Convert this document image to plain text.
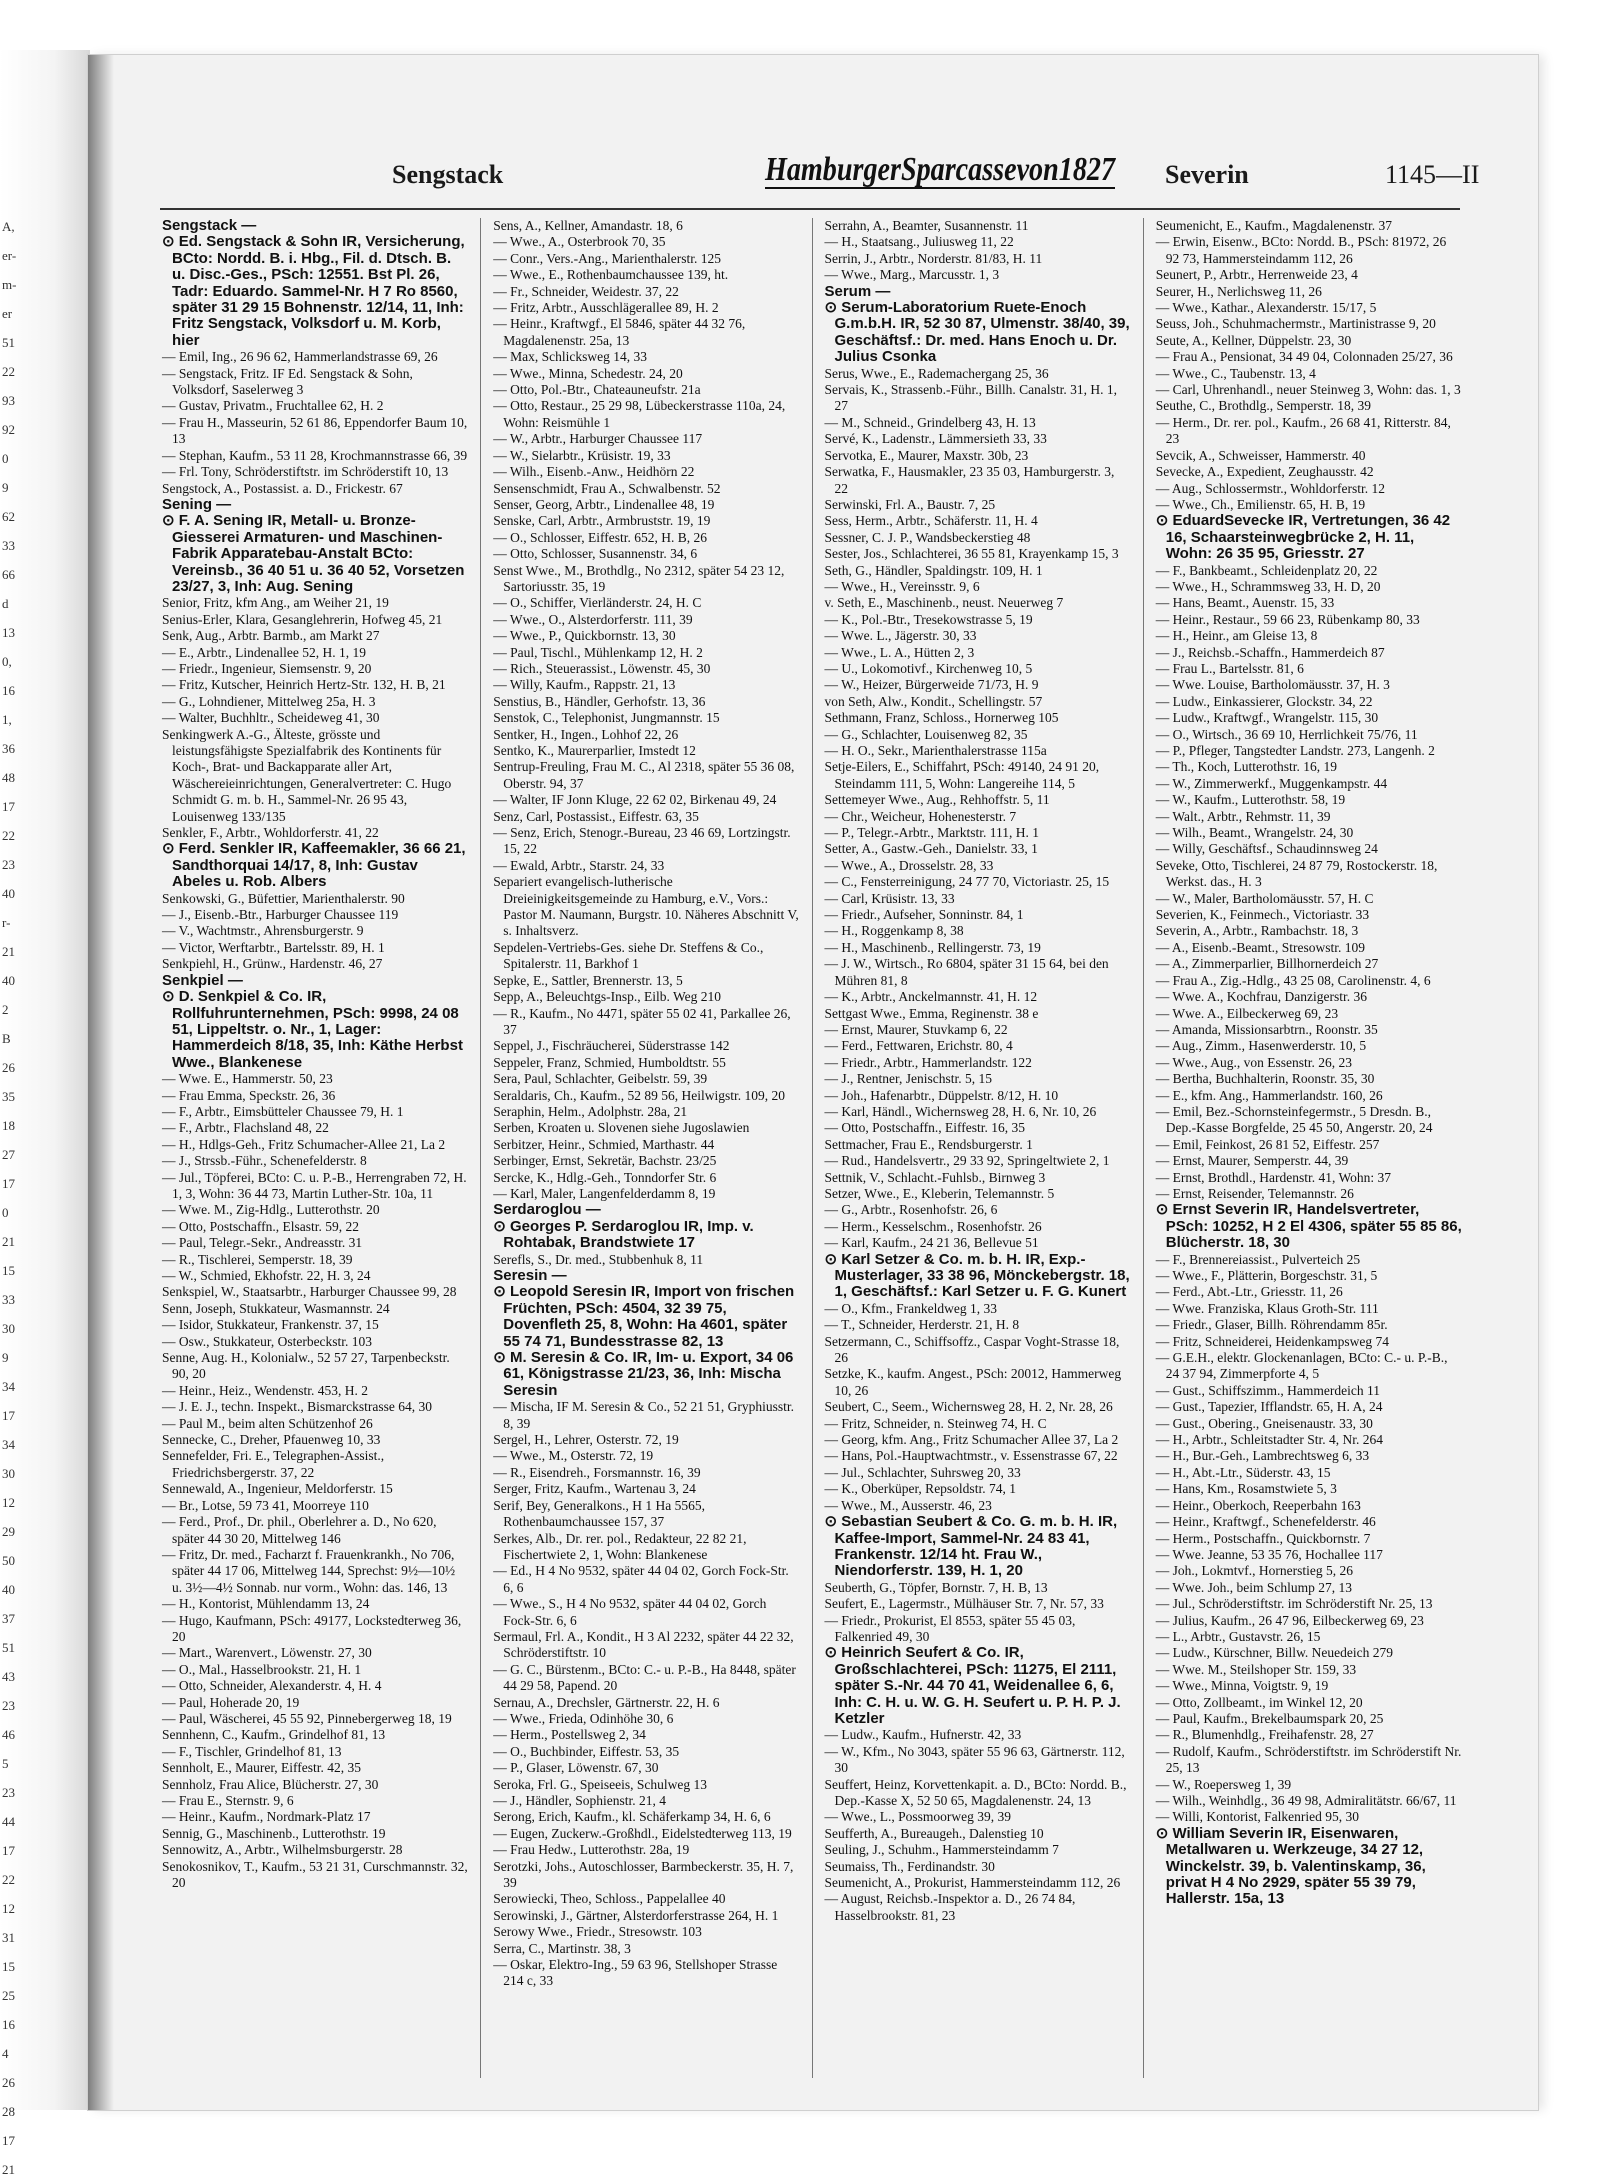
A,
er-
m-
er
51
22
93
92
0
9
62
33
66
d
13
0,
16
1,
36
48
17
22
23
40
r-
21
40
2
B
26
35
18
27
17
0
21
15
33
30
9
34
17
34
30
12
29
50
40
37
51
43
23
46
5
23
44
17
22
12
31
15
25
16
4
26
28
17
21
Sengstack	HamburgerSparcassevon1827 Severin	1145—II

Sengstack —

⊙ Ed. Sengstack & Sohn IR, Versicherung, BCto: Nordd. B. i. Hbg., Fil. d. Dtsch. B. u. Disc.-Ges., PSch: 12551. Bst Pl. 26, Tadr: Eduardo. Sammel-Nr. H 7 Ro 8560, später 31 29 15 Bohnenstr. 12/14, 11, Inh: Fritz Sengstack, Volksdorf u. M. Korb, hier

— Emil, Ing., 26 96 62, Hammerlandstrasse 69, 26

— Sengstack, Fritz. IF Ed. Sengstack & Sohn, Volksdorf, Saselerweg 3

— Gustav, Privatm., Fruchtallee 62, H. 2

— Frau H., Masseurin, 52 61 86, Eppendorfer Baum 10, 13

— Stephan, Kaufm., 53 11 28, Krochmannstrasse 66, 39

— Frl. Tony, Schröderstiftstr. im Schröderstift 10, 13

Sengstock, A., Postassist. a. D., Frickestr. 67

Sening —

⊙ F. A. Sening IR, Metall- u. Bronze-Giesserei Armaturen- und Maschinen-Fabrik Apparatebau-Anstalt BCto: Vereinsb., 36 40 51 u. 36 40 52, Vorsetzen 23/27, 3, Inh: Aug. Sening

Senior, Fritz, kfm Ang., am Weiher 21, 19

Senius-Erler, Klara, Gesanglehrerin, Hofweg 45, 21

Senk, Aug., Arbtr. Barmb., am Markt 27

— E., Arbtr., Lindenallee 52, H. 1, 19

— Friedr., Ingenieur, Siemsenstr. 9, 20

— Fritz, Kutscher, Heinrich Hertz-Str. 132, H. B, 21

— G., Lohndiener, Mittelweg 25a, H. 3

— Walter, Buchhltr., Scheideweg 41, 30

Senkingwerk A.-G., Älteste, grösste und leistungsfähigste Spezialfabrik des Kontinents für Koch-, Brat- und Backapparate aller Art, Wäschereieinrichtungen, Generalvertreter: C. Hugo Schmidt G. m. b. H., Sammel-Nr. 26 95 43, Louisenweg 133/135

Senkler, F., Arbtr., Wohldorferstr. 41, 22

⊙ Ferd. Senkler IR, Kaffeemakler, 36 66 21, Sandthorquai 14/17, 8, Inh: Gustav Abeles u. Rob. Albers

Senkowski, G., Büfettier, Marienthalerstr. 90

— J., Eisenb.-Btr., Harburger Chaussee 119

— V., Wachtmstr., Ahrensburgerstr. 9

— Victor, Werftarbtr., Bartelsstr. 89, H. 1

Senkpiehl, H., Grünw., Hardenstr. 46, 27

Senkpiel —

⊙ D. Senkpiel & Co. IR, Rollfuhrunternehmen, PSch: 9998, 24 08 51, Lippeltstr. o. Nr., 1, Lager: Hammerdeich 8/18, 35, Inh: Käthe Herbst Wwe., Blankenese

— Wwe. E., Hammerstr. 50, 23

— Frau Emma, Speckstr. 26, 36

— F., Arbtr., Eimsbütteler Chaussee 79, H. 1

— F., Arbtr., Flachsland 48, 22

— H., Hdlgs-Geh., Fritz Schumacher-Allee 21, La 2

— J., Strssb.-Führ., Schenefelderstr. 8

— Jul., Töpferei, BCto: C. u. P.-B., Herrengraben 72, H. 1, 3, Wohn: 36 44 73, Martin Luther-Str. 10a, 11

— Wwe. M., Zig-Hdlg., Lutterothstr. 20

— Otto, Postschaffn., Elsastr. 59, 22

— Paul, Telegr.-Sekr., Andreasstr. 31

— R., Tischlerei, Semperstr. 18, 39

— W., Schmied, Ekhofstr. 22, H. 3, 24

Senkspiel, W., Staatsarbtr., Harburger Chaussee 99, 28

Senn, Joseph, Stukkateur, Wasmannstr. 24

— Isidor, Stukkateur, Frankenstr. 37, 15

— Osw., Stukkateur, Osterbeckstr. 103

Senne, Aug. H., Kolonialw., 52 57 27, Tarpenbeckstr. 90, 20

— Heinr., Heiz., Wendenstr. 453, H. 2

— J. E. J., techn. Inspekt., Bismarckstrasse 64, 30

— Paul M., beim alten Schützenhof 26

Sennecke, C., Dreher, Pfauenweg 10, 33

Sennefelder, Fri. E., Telegraphen-Assist., Friedrichsbergerstr. 37, 22

Sennewald, A., Ingenieur, Meldorferstr. 15

— Br., Lotse, 59 73 41, Moorreye 110

— Ferd., Prof., Dr. phil., Oberlehrer a. D., No 620, später 44 30 20, Mittelweg 146

— Fritz, Dr. med., Facharzt f. Frauenkrankh., No 706, später 44 17 06, Mittelweg 144, Sprechst: 9½—10½ u. 3½—4½ Sonnab. nur vorm., Wohn: das. 146, 13

— H., Kontorist, Mühlendamm 13, 24

— Hugo, Kaufmann, PSch: 49177, Lockstedterweg 36, 20

— Mart., Warenvert., Löwenstr. 27, 30

— O., Mal., Hasselbrookstr. 21, H. 1

— Otto, Schneider, Alexanderstr. 4, H. 4

— Paul, Hoherade 20, 19

— Paul, Wäscherei, 45 55 92, Pinnebergerweg 18, 19

Sennhenn, C., Kaufm., Grindelhof 81, 13

— F., Tischler, Grindelhof 81, 13

Sennholt, E., Maurer, Eiffestr. 42, 35

Sennholz, Frau Alice, Blücherstr. 27, 30

— Frau E., Sternstr. 9, 6

— Heinr., Kaufm., Nordmark-Platz 17

Sennig, G., Maschinenb., Lutterothstr. 19

Sennowitz, A., Arbtr., Wilhelmsburgerstr. 28

Senokosnikov, T., Kaufm., 53 21 31, Curschmannstr. 32, 20

Sens, A., Kellner, Amandastr. 18, 6

— Wwe., A., Osterbrook 70, 35

— Conr., Vers.-Ang., Marienthalerstr. 125

— Wwe., E., Rothenbaumchaussee 139, ht.

— Fr., Schneider, Weidestr. 37, 22

— Fritz, Arbtr., Ausschlägerallee 89, H. 2

— Heinr., Kraftwgf., El 5846, später 44 32 76, Magdalenenstr. 25a, 13

— Max, Schlicksweg 14, 33

— Wwe., Minna, Schedestr. 24, 20

— Otto, Pol.-Btr., Chateauneufstr. 21a

— Otto, Restaur., 25 29 98, Lübeckerstrasse 110a, 24, Wohn: Reismühle 1

— W., Arbtr., Harburger Chaussee 117

— W., Sielarbtr., Krüsistr. 19, 33

— Wilh., Eisenb.-Anw., Heidhörn 22

Sensenschmidt, Frau A., Schwalbenstr. 52

Senser, Georg, Arbtr., Lindenallee 48, 19

Senske, Carl, Arbtr., Armbruststr. 19, 19

— O., Schlosser, Eiffestr. 652, H. B, 26

— Otto, Schlosser, Susannenstr. 34, 6

Senst Wwe., M., Brothdlg., No 2312, später 54 23 12, Sartoriusstr. 35, 19

— O., Schiffer, Vierländerstr. 24, H. C

— Wwe., O., Alsterdorferstr. 111, 39

— Wwe., P., Quickbornstr. 13, 30

— Paul, Tischl., Mühlenkamp 12, H. 2

— Rich., Steuerassist., Löwenstr. 45, 30

— Willy, Kaufm., Rappstr. 21, 13

Senstius, B., Händler, Gerhofstr. 13, 36

Senstok, C., Telephonist, Jungmannstr. 15

Sentker, H., Ingen., Lohhof 22, 26

Sentko, K., Maurerparlier, Imstedt 12

Sentrup-Freuling, Frau M. C., Al 2318, später 55 36 08, Oberstr. 94, 37

— Walter, IF Jonn Kluge, 22 62 02, Birkenau 49, 24

Senz, Carl, Postassist., Eiffestr. 63, 35

— Senz, Erich, Stenogr.-Bureau, 23 46 69, Lortzingstr. 15, 22

— Ewald, Arbtr., Starstr. 24, 33

Separiert evangelisch-lutherische Dreieinigkeitsgemeinde zu Hamburg, e.V., Vors.: Pastor M. Naumann, Burgstr. 10. Näheres Abschnitt V, s. Inhaltsverz.

Sepdelen-Vertriebs-Ges. siehe Dr. Steffens & Co., Spitalerstr. 11, Barkhof 1

Sepke, E., Sattler, Brennerstr. 13, 5

Sepp, A., Beleuchtgs-Insp., Eilb. Weg 210

— R., Kaufm., No 4471, später 55 02 41, Parkallee 26, 37

Seppel, J., Fischräucherei, Süderstrasse 142

Seppeler, Franz, Schmied, Humboldtstr. 55

Sera, Paul, Schlachter, Geibelstr. 59, 39

Seraldaris, Ch., Kaufm., 52 89 56, Heilwigstr. 109, 20

Seraphin, Helm., Adolphstr. 28a, 21

Serben, Kroaten u. Slovenen siehe Jugoslawien

Serbitzer, Heinr., Schmied, Marthastr. 44

Serbinger, Ernst, Sekretär, Bachstr. 23/25

Sercke, K., Hdlg.-Geh., Tonndorfer Str. 6

— Karl, Maler, Langenfelderdamm 8, 19

Serdaroglou —

⊙ Georges P. Serdaroglou IR, Imp. v. Rohtabak, Brandstwiete 17

Serefls, S., Dr. med., Stubbenhuk 8, 11

Seresin —

⊙ Leopold Seresin IR, Import von frischen Früchten, PSch: 4504, 32 39 75, Dovenfleth 25, 8, Wohn: Ha 4601, später 55 74 71, Bundesstrasse 82, 13

⊙ M. Seresin & Co. IR, Im- u. Export, 34 06 61, Königstrasse 21/23, 36, Inh: Mischa Seresin

— Mischa, IF M. Seresin & Co., 52 21 51, Gryphiusstr. 8, 39

Sergel, H., Lehrer, Osterstr. 72, 19

— Wwe., M., Osterstr. 72, 19

— R., Eisendreh., Forsmannstr. 16, 39

Serger, Fritz, Kaufm., Wartenau 3, 24

Serif, Bey, Generalkons., H 1 Ha 5565, Rothenbaumchaussee 157, 37

Serkes, Alb., Dr. rer. pol., Redakteur, 22 82 21, Fischertwiete 2, 1, Wohn: Blankenese

— Ed., H 4 No 9532, später 44 04 02, Gorch Fock-Str. 6, 6

— Wwe., S., H 4 No 9532, später 44 04 02, Gorch Fock-Str. 6, 6

Sermaul, Frl. A., Kondit., H 3 Al 2232, später 44 22 32, Schröderstiftstr. 10

— G. C., Bürstenm., BCto: C.- u. P.-B., Ha 8448, später 44 29 58, Papend. 20

Sernau, A., Drechsler, Gärtnerstr. 22, H. 6

— Wwe., Frieda, Odinhöhe 30, 6

— Herm., Postellsweg 2, 34

— O., Buchbinder, Eiffestr. 53, 35

— P., Glaser, Löwenstr. 67, 30

Seroka, Frl. G., Speiseeis, Schulweg 13

— J., Händler, Sophienstr. 21, 4

Serong, Erich, Kaufm., kl. Schäferkamp 34, H. 6, 6

— Eugen, Zuckerw.-Großhdl., Eidelstedterweg 113, 19

— Frau Hedw., Lutterothstr. 28a, 19

Serotzki, Johs., Autoschlosser, Barmbeckerstr. 35, H. 7, 39

Serowiecki, Theo, Schloss., Pappelallee 40

Serowinski, J., Gärtner, Alsterdorferstrasse 264, H. 1

Serowy Wwe., Friedr., Stresowstr. 103

Serra, C., Martinstr. 38, 3

— Oskar, Elektro-Ing., 59 63 96, Stellshoper Strasse 214 c, 33

Serrahn, A., Beamter, Susannenstr. 11

— H., Staatsang., Juliusweg 11, 22

Serrin, J., Arbtr., Norderstr. 81/83, H. 11

— Wwe., Marg., Marcusstr. 1, 3

Serum —

⊙ Serum-Laboratorium Ruete-Enoch G.m.b.H. IR, 52 30 87, Ulmenstr. 38/40, 39, Geschäftsf.: Dr. med. Hans Enoch u. Dr. Julius Csonka

Serus, Wwe., E., Rademachergang 25, 36

Servais, K., Strassenb.-Führ., Billh. Canalstr. 31, H. 1, 27

— M., Schneid., Grindelberg 43, H. 13

Servé, K., Ladenstr., Lämmersieth 33, 33

Servotka, E., Maurer, Maxstr. 30b, 23

Serwatka, F., Hausmakler, 23 35 03, Hamburgerstr. 3, 22

Serwinski, Frl. A., Baustr. 7, 25

Sess, Herm., Arbtr., Schäferstr. 11, H. 4

Sessner, C. J. P., Wandsbeckerstieg 48

Sester, Jos., Schlachterei, 36 55 81, Krayenkamp 15, 3

Seth, G., Händler, Spaldingstr. 109, H. 1

— Wwe., H., Vereinsstr. 9, 6

v. Seth, E., Maschinenb., neust. Neuerweg 7

— K., Pol.-Btr., Tresekowstrasse 5, 19

— Wwe. L., Jägerstr. 30, 33

— Wwe., L. A., Hütten 2, 3

— U., Lokomotivf., Kirchenweg 10, 5

— W., Heizer, Bürgerweide 71/73, H. 9

von Seth, Alw., Kondit., Schellingstr. 57

Sethmann, Franz, Schloss., Hornerweg 105

— G., Schlachter, Louisenweg 82, 35

— H. O., Sekr., Marienthalerstrasse 115a

Setje-Eilers, E., Schiffahrt, PSch: 49140, 24 91 20, Steindamm 111, 5, Wohn: Langereihe 114, 5

Settemeyer Wwe., Aug., Rehhoffstr. 5, 11

— Chr., Weicheur, Hohenesterstr. 7

— P., Telegr.-Arbtr., Marktstr. 111, H. 1

Setter, A., Gastw.-Geh., Danielstr. 33, 1

— Wwe., A., Drosselstr. 28, 33

— C., Fensterreinigung, 24 77 70, Victoriastr. 25, 15

— Carl, Krüsistr. 13, 33

— Friedr., Aufseher, Sonninstr. 84, 1

— H., Roggenkamp 8, 38

— H., Maschinenb., Rellingerstr. 73, 19

— J. W., Wirtsch., Ro 6804, später 31 15 64, bei den Mühren 81, 8

— K., Arbtr., Anckelmannstr. 41, H. 12

Settgast Wwe., Emma, Reginenstr. 38 e

— Ernst, Maurer, Stuvkamp 6, 22

— Ferd., Fettwaren, Erichstr. 80, 4

— Friedr., Arbtr., Hammerlandstr. 122

— J., Rentner, Jenischstr. 5, 15

— Joh., Hafenarbtr., Düppelstr. 8/12, H. 10

— Karl, Händl., Wichernsweg 28, H. 6, Nr. 10, 26

— Otto, Postschaffn., Eiffestr. 16, 35

Settmacher, Frau E., Rendsburgerstr. 1

— Rud., Handelsvertr., 29 33 92, Springeltwiete 2, 1

Settnik, V., Schlacht.-Fuhlsb., Birnweg 3

Setzer, Wwe., E., Kleberin, Telemannstr. 5

— G., Arbtr., Rosenhofstr. 26, 6

— Herm., Kesselschm., Rosenhofstr. 26

— Karl, Kaufm., 24 21 36, Bellevue 51

⊙ Karl Setzer & Co. m. b. H. IR, Exp.-Musterlager, 33 38 96, Mönckebergstr. 18, 1, Geschäftsf.: Karl Setzer u. F. G. Kunert

— O., Kfm., Frankeldweg 1, 33

— T., Schneider, Herderstr. 21, H. 8

Setzermann, C., Schiffsoffz., Caspar Voght-Strasse 18, 26

Setzke, K., kaufm. Angest., PSch: 20012, Hammerweg 10, 26

Seubert, C., Seem., Wichernsweg 28, H. 2, Nr. 28, 26

— Fritz, Schneider, n. Steinweg 74, H. C

— Georg, kfm. Ang., Fritz Schumacher Allee 37, La 2

— Hans, Pol.-Hauptwachtmstr., v. Essenstrasse 67, 22

— Jul., Schlachter, Suhrsweg 20, 33

— K., Oberküper, Repsoldstr. 74, 1

— Wwe., M., Ausserstr. 46, 23

⊙ Sebastian Seubert & Co. G. m. b. H. IR, Kaffee-Import, Sammel-Nr. 24 83 41, Frankenstr. 12/14 ht. Frau W., Niendorferstr. 139, H. 1, 20

Seuberth, G., Töpfer, Bornstr. 7, H. B, 13

Seufert, E., Lagermstr., Mülhäuser Str. 7, Nr. 57, 33

— Friedr., Prokurist, El 8553, später 55 45 03, Falkenried 49, 30

⊙ Heinrich Seufert & Co. IR, Großschlachterei, PSch: 11275, El 2111, später S.-Nr. 44 70 41, Weidenallee 6, 6, Inh: C. H. u. W. G. H. Seufert u. P. H. P. J. Ketzler

— Ludw., Kaufm., Hufnerstr. 42, 33

— W., Kfm., No 3043, später 55 96 63, Gärtnerstr. 112, 30

Seuffert, Heinz, Korvettenkapit. a. D., BCto: Nordd. B., Dep.-Kasse X, 52 50 65, Magdalenenstr. 24, 13

— Wwe., L., Possmoorweg 39, 39

Seufferth, A., Bureaugeh., Dalenstieg 10

Seuling, J., Schuhm., Hammersteindamm 7

Seumaiss, Th., Ferdinandstr. 30

Seumenicht, A., Prokurist, Hammersteindamm 112, 26

— August, Reichsb.-Inspektor a. D., 26 74 84, Hasselbrookstr. 81, 23

Seumenicht, E., Kaufm., Magdalenenstr. 37

— Erwin, Eisenw., BCto: Nordd. B., PSch: 81972, 26 92 73, Hammersteindamm 112, 26

Seunert, P., Arbtr., Herrenweide 23, 4

Seurer, H., Nerlichsweg 11, 26

— Wwe., Kathar., Alexanderstr. 15/17, 5

Seuss, Joh., Schuhmachermstr., Martinistrasse 9, 20

Seute, A., Kellner, Düppelstr. 23, 30

— Frau A., Pensionat, 34 49 04, Colonnaden 25/27, 36

— Wwe., C., Taubenstr. 13, 4

— Carl, Uhrenhandl., neuer Steinweg 3, Wohn: das. 1, 3

Seuthe, C., Brothdlg., Semperstr. 18, 39

— Herm., Dr. rer. pol., Kaufm., 26 68 41, Ritterstr. 84, 23

Sevcik, A., Schweisser, Hammerstr. 40

Sevecke, A., Expedient, Zeughausstr. 42

— Aug., Schlossermstr., Wohldorferstr. 12

— Wwe., Ch., Emilienstr. 65, H. B, 19

⊙ EduardSevecke IR, Vertretungen, 36 42 16, Schaarsteinwegbrücke 2, H. 11, Wohn: 26 35 95, Griesstr. 27

— F., Bankbeamt., Schleidenplatz 20, 22

— Wwe., H., Schrammsweg 33, H. D, 20

— Hans, Beamt., Auenstr. 15, 33

— Heinr., Restaur., 59 66 23, Rübenkamp 80, 33

— H., Heinr., am Gleise 13, 8

— J., Reichsb.-Schaffn., Hammerdeich 87

— Frau L., Bartelsstr. 81, 6

— Wwe. Louise, Bartholomäusstr. 37, H. 3

— Ludw., Einkassierer, Glockstr. 34, 22

— Ludw., Kraftwgf., Wrangelstr. 115, 30

— O., Wirtsch., 36 69 10, Herrlichkeit 75/76, 11

— P., Pfleger, Tangstedter Landstr. 273, Langenh. 2

— Th., Koch, Lutterothstr. 16, 19

— W., Zimmerwerkf., Muggenkampstr. 44

— W., Kaufm., Lutterothstr. 58, 19

— Walt., Arbtr., Rehmstr. 11, 39

— Wilh., Beamt., Wrangelstr. 24, 30

— Willy, Geschäftsf., Schaudinnsweg 24

Seveke, Otto, Tischlerei, 24 87 79, Rostockerstr. 18, Werkst. das., H. 3

— W., Maler, Bartholomäusstr. 57, H. C

Severien, K., Feinmech., Victoriastr. 33

Severin, A., Arbtr., Rambachstr. 18, 3

— A., Eisenb.-Beamt., Stresowstr. 109

— A., Zimmerparlier, Billhornerdeich 27

— Frau A., Zig.-Hdlg., 43 25 08, Carolinenstr. 4, 6

— Wwe. A., Kochfrau, Danzigerstr. 36

— Wwe. A., Eilbeckerweg 69, 23

— Amanda, Missionsarbtrn., Roonstr. 35

— Aug., Zimm., Hasenwerderstr. 10, 5

— Wwe., Aug., von Essenstr. 26, 23

— Bertha, Buchhalterin, Roonstr. 35, 30

— E., kfm. Ang., Hammerlandstr. 160, 26

— Emil, Bez.-Schornsteinfegermstr., 5 Dresdn. B., Dep.-Kasse Borgfelde, 25 45 50, Angerstr. 20, 24

— Emil, Feinkost, 26 81 52, Eiffestr. 257

— Ernst, Maurer, Semperstr. 44, 39

— Ernst, Brothdl., Hardenstr. 41, Wohn: 37

— Ernst, Reisender, Telemannstr. 26

⊙ Ernst Severin IR, Handelsvertreter, PSch: 10252, H 2 El 4306, später 55 85 86, Blücherstr. 18, 30

— F., Brennereiassist., Pulverteich 25

— Wwe., F., Plätterin, Borgeschstr. 31, 5

— Ferd., Abt.-Ltr., Griesstr. 11, 26

— Wwe. Franziska, Klaus Groth-Str. 111

— Friedr., Glaser, Billh. Röhrendamm 85r.

— Fritz, Schneiderei, Heidenkampsweg 74

— G.E.H., elektr. Glockenanlagen, BCto: C.- u. P.-B., 24 37 94, Zimmerpforte 4, 5

— Gust., Schiffszimm., Hammerdeich 11

— Gust., Tapezier, Ifflandstr. 65, H. A, 24

— Gust., Obering., Gneisenaustr. 33, 30

— H., Arbtr., Schleitstadter Str. 4, Nr. 264

— H., Bur.-Geh., Lambrechtsweg 6, 33

— H., Abt.-Ltr., Süderstr. 43, 15

— Hans, Km., Rosamstwiete 5, 3

— Heinr., Oberkoch, Reeperbahn 163

— Heinr., Kraftwgf., Schenefelderstr. 46

— Herm., Postschaffn., Quickbornstr. 7

— Wwe. Jeanne, 53 35 76, Hochallee 117

— Joh., Lokmtvf., Hornerstieg 5, 26

— Wwe. Joh., beim Schlump 27, 13

— Jul., Schröderstiftstr. im Schröderstift Nr. 25, 13

— Julius, Kaufm., 26 47 96, Eilbeckerweg 69, 23

— L., Arbtr., Gustavstr. 26, 15

— Ludw., Kürschner, Billw. Neuedeich 279

— Wwe. M., Steilshoper Str. 159, 33

— Wwe., Minna, Voigtstr. 9, 19

— Otto, Zollbeamt., im Winkel 12, 20

— Paul, Kaufm., Brekelbaumspark 20, 25

— R., Blumenhdlg., Freihafenstr. 28, 27

— Rudolf, Kaufm., Schröderstiftstr. im Schröderstift Nr. 25, 13

— W., Roepersweg 1, 39

— Wilh., Weinhdlg., 36 49 98, Admiralitätstr. 66/67, 11

— Willi, Kontorist, Falkenried 95, 30

⊙ William Severin IR, Eisenwaren, Metallwaren u. Werkzeuge, 34 27 12, Winckelstr. 39, b. Valentinskamp, 36, privat H 4 No 2929, später 55 39 79, Hallerstr. 15a, 13
